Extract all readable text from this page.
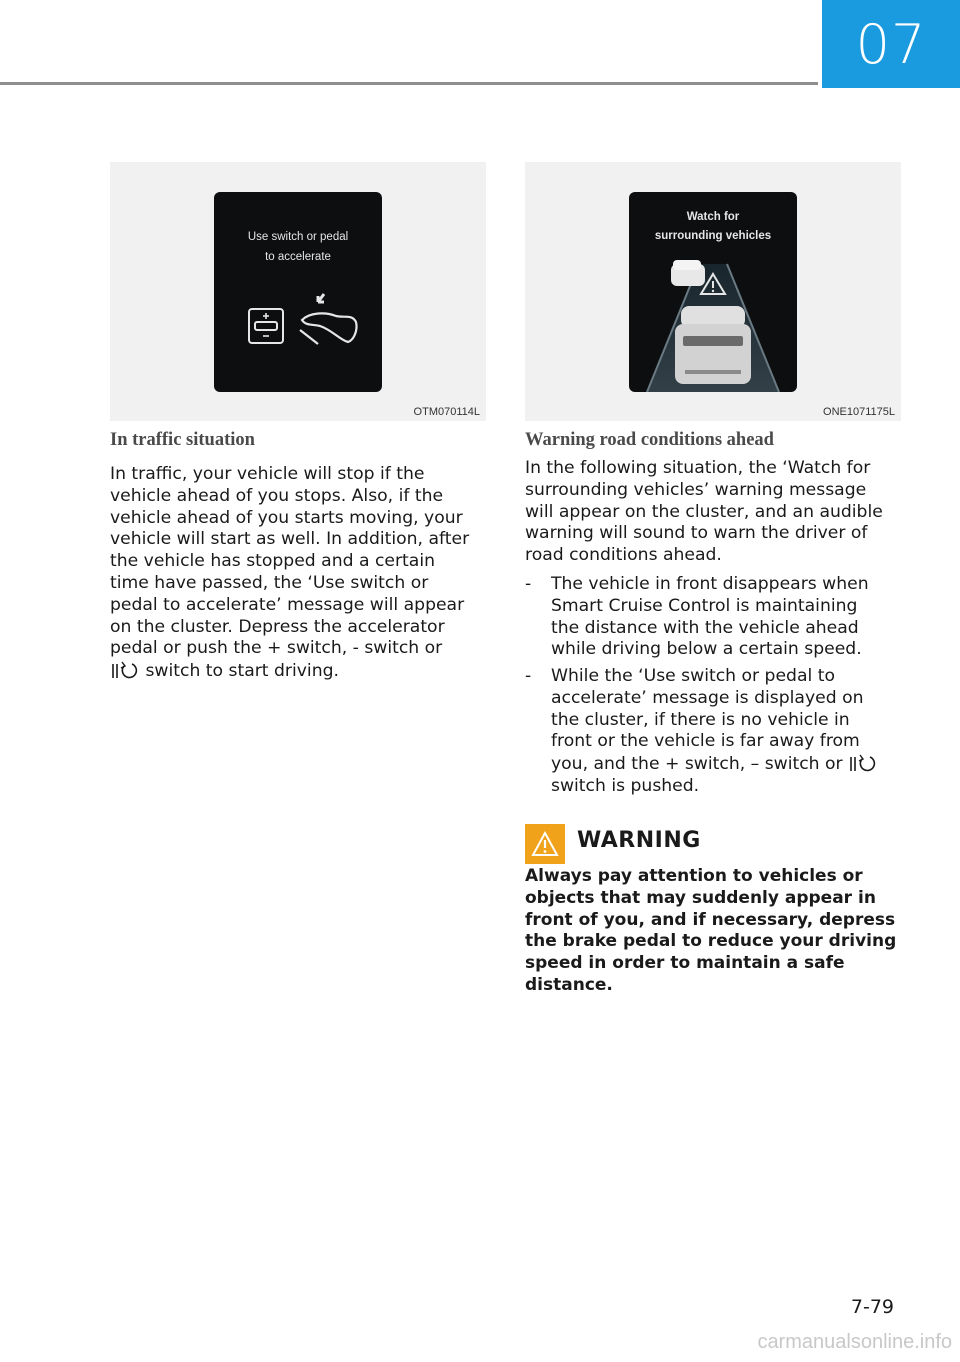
07
Use switch or pedal
to accelerate
OTM070114L
In traffic situation
In traffic, your vehicle will stop if the
vehicle ahead of you stops. Also, if the
vehicle ahead of you starts moving, your
vehicle will start as well. In addition, after
the vehicle has stopped and a certain
time have passed, the ‘Use switch or
pedal to accelerate’ message will appear
on the cluster. Depress the accelerator
pedal or push the + switch, - switch or
switch to start driving.
Watch for
surrounding vehicles
ONE1071175L
Warning road conditions ahead
In the following situation, the ‘Watch for
surrounding vehicles’ warning message
will appear on the cluster, and an audible
warning will sound to warn the driver of
road conditions ahead.
- The vehicle in front disappears when
Smart Cruise Control is maintaining
the distance with the vehicle ahead
while driving below a certain speed.
- While the ‘Use switch or pedal to
accelerate’ message is displayed on
the cluster, if there is no vehicle in
front or the vehicle is far away from
you, and the + switch, – switch or
switch is pushed.
WARNING
Always pay attention to vehicles or
objects that may suddenly appear in
front of you, and if necessary, depress
the brake pedal to reduce your driving
speed in order to maintain a safe
distance.
7-79
carmanualsonline.info
